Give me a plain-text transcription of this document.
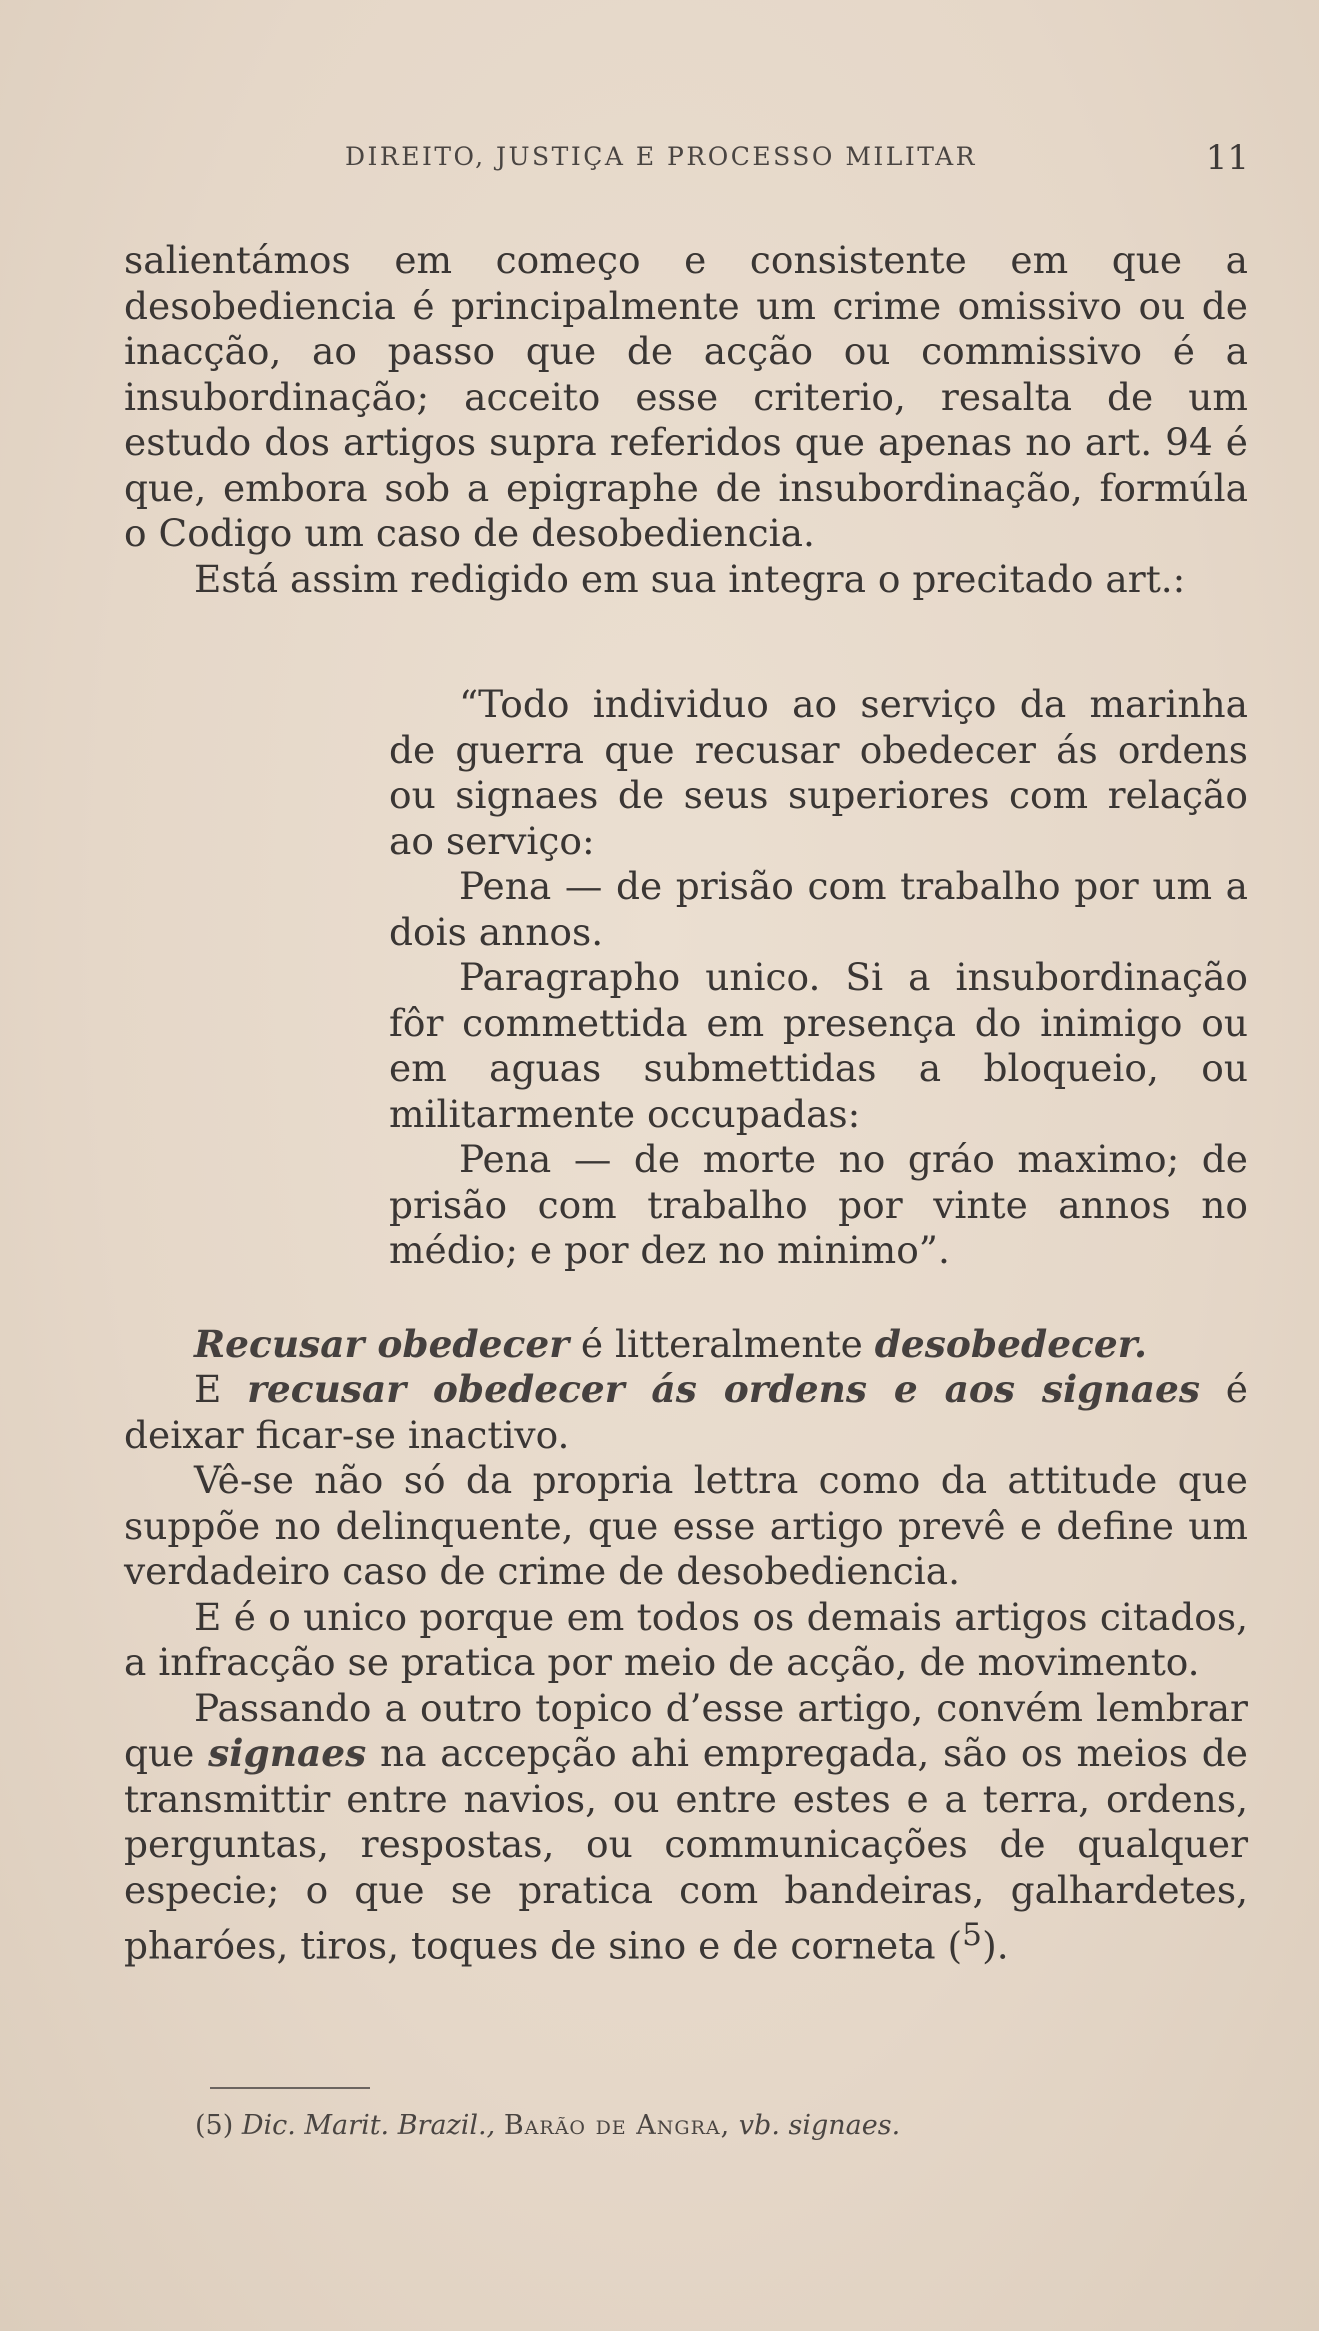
DIREITO, JUSTIÇA E PROCESSO MILITAR	11

salientámos em começo e consistente em que a desobediencia é principalmente um crime omissivo ou de inacção, ao passo que de acção ou commissivo é a insubordinação; acceito esse criterio, resalta de um estudo dos artigos supra referidos que apenas no art. 94 é que, embora sob a epigraphe de insubordinação, formúla o Codigo um caso de desobediencia.

Está assim redigido em sua integra o precitado art.:

“Todo individuo ao serviço da marinha de guerra que recusar obedecer ás ordens ou signaes de seus superiores com relação ao serviço:

Pena — de prisão com trabalho por um a dois annos.

Paragrapho unico. Si a insubordinação fôr commettida em presença do inimigo ou em aguas submettidas a bloqueio, ou militarmente occupadas:

Pena — de morte no gráo maximo; de prisão com trabalho por vinte annos no médio; e por dez no minimo”.

Recusar obedecer é litteralmente desobedecer.

E recusar obedecer ás ordens e aos signaes é deixar ficar-se inactivo.

Vê-se não só da propria lettra como da attitude que suppõe no delinquente, que esse artigo prevê e define um verdadeiro caso de crime de desobediencia.

E é o unico porque em todos os demais artigos citados, a infracção se pratica por meio de acção, de movimento.

Passando a outro topico d’esse artigo, convém lembrar que signaes na accepção ahi empregada, são os meios de transmittir entre navios, ou entre estes e a terra, ordens, perguntas, respostas, ou communicações de qualquer especie; o que se pratica com bandeiras, galhardetes, pharóes, tiros, toques de sino e de corneta ($^5$).

(5) Dic. Marit. Brazil., Barão de Angra, vb. signaes.
